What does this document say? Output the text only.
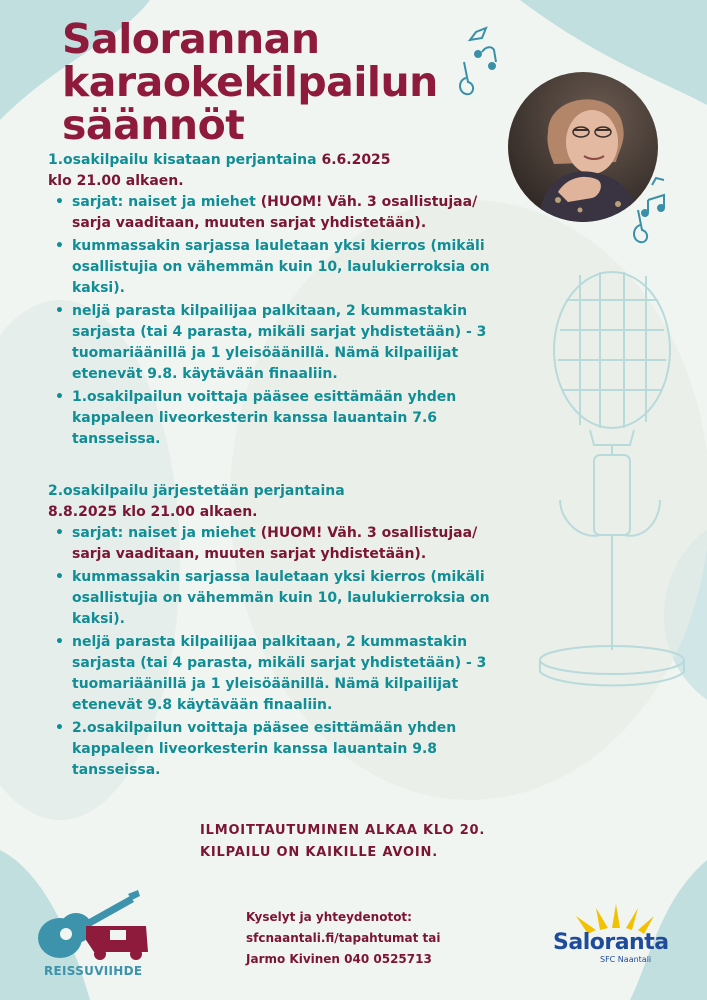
Salorannan
karaokekilpailun
säännöt

1.osakilpailu kisataan perjantaina 6.6.2025
klo 21.00 alkaen.

• sarjat: naiset ja miehet (HUOM! Väh. 3 osallistujaa/ sarja vaaditaan, muuten sarjat yhdistetään).
• kummassakin sarjassa lauletaan yksi kierros (mikäli osallistujia on vähemmän kuin 10, laulukierroksia on kaksi).
• neljä parasta kilpailijaa palkitaan, 2 kummastakin sarjasta (tai 4 parasta, mikäli sarjat yhdistetään) - 3 tuomariäänillä ja 1 yleisöäänillä. Nämä kilpailijat etenevät 9.8. käytävään finaaliin.
• 1.osakilpailun voittaja pääsee esittämään yhden kappaleen liveorkesterin kanssa lauantain 7.6 tansseissa.

2.osakilpailu järjestetään perjantaina
8.8.2025 klo 21.00 alkaen.

• sarjat: naiset ja miehet (HUOM! Väh. 3 osallistujaa/ sarja vaaditaan, muuten sarjat yhdistetään).
• kummassakin sarjassa lauletaan yksi kierros (mikäli osallistujia on vähemmän kuin 10, laulukierroksia on kaksi).
• neljä parasta kilpailijaa palkitaan, 2 kummastakin sarjasta (tai 4 parasta, mikäli sarjat yhdistetään) - 3 tuomariäänillä ja 1 yleisöäänillä. Nämä kilpailijat etenevät 9.8 käytävään finaaliin.
• 2.osakilpailun voittaja pääsee esittämään yhden kappaleen liveorkesterin kanssa lauantain 9.8 tansseissa.

ILMOITTAUTUMINEN ALKAA KLO 20.
KILPAILU ON KAIKILLE AVOIN.

Kyselyt ja yhteydenotot:
sfcnaantali.fi/tapahtumat tai
Jarmo Kivinen 040 0525713

REISSUVIIHDE
Saloranta
SFC Naantali
